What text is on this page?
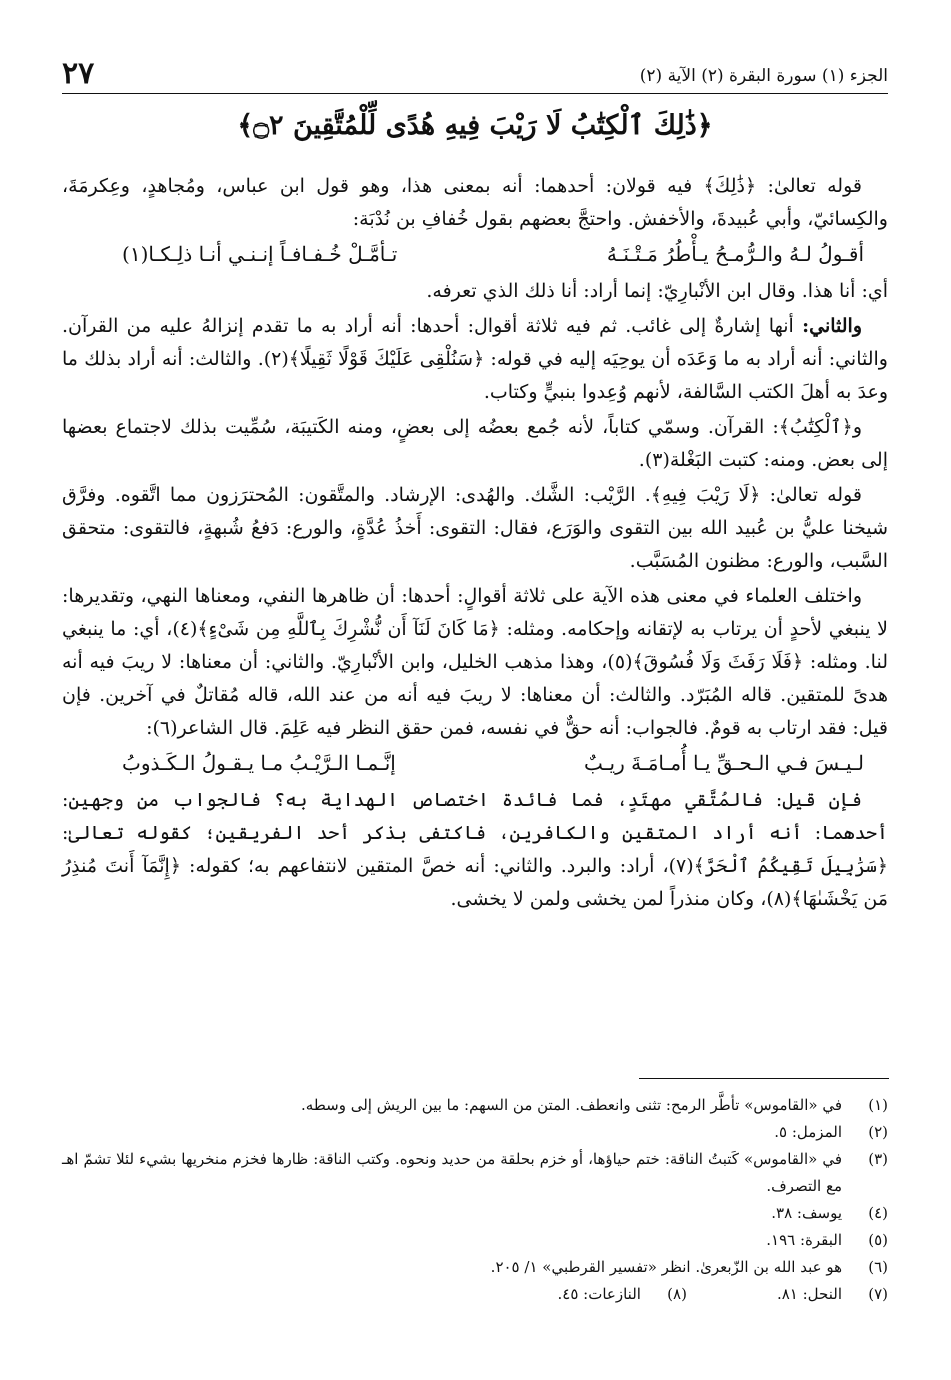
٢٧	الجزء (١) سورة البقرة (٢) الآية (٢)
﴿ذَٰلِكَ ٱلْكِتَٰبُ لَا رَيْبَ فِيهِ هُدًى لِّلْمُتَّقِينَ ۝٢﴾

قوله تعالىٰ: ﴿ذَٰلِكَ﴾ فيه قولان: أحدهما: أنه بمعنى هذا، وهو قول ابن عباس، ومُجاهدٍ، وعِكرمَةَ، والكِسائيّ، وأبي عُبيدةَ، والأخفش. واحتجَّ بعضهم بقول خُفافِ بن نُدْبَة:

أقـولُ لـهُ والـرُّمـحُ يـأْطُرُ مَـتْـنَـهُ
تـأمَّـلْ خُـفـافـاً إنـنـي أنـا ذلِـكـا(١)

أي: أنا هذا. وقال ابن الأنْبارِيّ: إنما أراد: أنا ذلك الذي تعرفه.

والثاني: أنها إشارةٌ إلى غائب. ثم فيه ثلاثة أقوال: أحدها: أنه أراد به ما تقدم إنزالهُ عليه من القرآن. والثاني: أنه أراد به ما وَعَدَه أن يوحِيَه إليه في قوله: ﴿سَنُلْقِى عَلَيْكَ قَوْلًا ثَقِيلًا﴾(٢). والثالث: أنه أراد بذلك ما وعدَ به أهلَ الكتب السَّالفة، لأنهم وُعِدوا بنبيٍّ وكتاب.

و﴿ٱلْكِتَٰبُ﴾: القرآن. وسمّي كتاباً، لأنه جُمع بعضُه إلى بعضٍ، ومنه الكَتيبَة، سُمِّيت بذلك لاجتماع بعضها إلى بعض. ومنه: كتبت البَغْلة(٣).

قوله تعالىٰ: ﴿لَا رَيْبَ فِيهِ﴾. الرَّيْب: الشَّك. والهُدى: الإرشاد. والمتَّقون: المُحترَزون مما اتَّقوه. وفرَّق شيخنا عليُّ بن عُبيد الله بين التقوى والوَرَع، فقال: التقوى: أَخذُ عُدَّةٍ، والورع: دَفعُ شُبهةٍ، فالتقوى: متحقق السَّبب، والورع: مظنون المُسَبَّب.

واختلف العلماء في معنى هذه الآية على ثلاثة أقوالٍ: أحدها: أن ظاهرها النفي، ومعناها النهي، وتقديرها: لا ينبغي لأحدٍ أن يرتاب به لإتقانه وإحكامه. ومثله: ﴿مَا كَانَ لَنَآ أَن نُّشْرِكَ بِٱللَّهِ مِن شَىْءٍ﴾(٤)، أي: ما ينبغي لنا. ومثله: ﴿فَلَا رَفَثَ وَلَا فُسُوقَ﴾(٥)، وهذا مذهب الخليل، وابن الأنْبارِيّ. والثاني: أن معناها: لا ريبَ فيه أنه هدىً للمتقين. قاله المُبَرّد. والثالث: أن معناها: لا ريبَ فيه أنه من عند الله، قاله مُقاتلٌ في آخرين. فإن قيل: فقد ارتاب به قومٌ. فالجواب: أنه حقٌّ في نفسه، فمن حقق النظر فيه عَلِمَ. قال الشاعر(٦):

لـيـسَ فـي الـحـقِّ يـا أُمـامَـةَ ريـبٌ
إنَّـمـا الـرَّيْـبُ مـا يـقـولُ الـكَـذوبُ

فإن قيل: فالمُتَّقي مهتَدٍ، فما فائدة اختصاص الهداية به؟ فالجواب من وجهين: أحدهما: أنه أراد المتقين والكافرين، فاكتفى بذكر أحد الفريقين؛ كقوله تعالىٰ: ﴿سَرَٰبِيلَ تَقِيكُمُ ٱلْحَرَّ﴾(٧)، أراد: والبرد. والثاني: أنه خصَّ المتقين لانتفاعهم به؛ كقوله: ﴿إِنَّمَآ أَنتَ مُنذِرُ مَن يَخْشَىٰهَا﴾(٨)، وكان منذراً لمن يخشى ولمن لا يخشى.

(١)
في «القاموس» تأطَّر الرمح: تثنى وانعطف. المتن من السهم: ما بين الريش إلى وسطه.
(٢)
المزمل: ٥.
(٣)
في «القاموس» كَتبتُ الناقة: ختم حياؤها، أو خزم بحلقة من حديد ونحوه. وكتب الناقة: ظارها فخزم منخريها بشيء لئلا تشمّ اهـ مع التصرف.
(٤)
يوسف: ٣٨.
(٥)
البقرة: ١٩٦.
(٦)
هو عبد الله بن الزّبعرىٰ. انظر «تفسير القرطبي» ١/ ٢٠٥.
(٧)
النحل: ٨١.
(٨)
النازعات: ٤٥.
